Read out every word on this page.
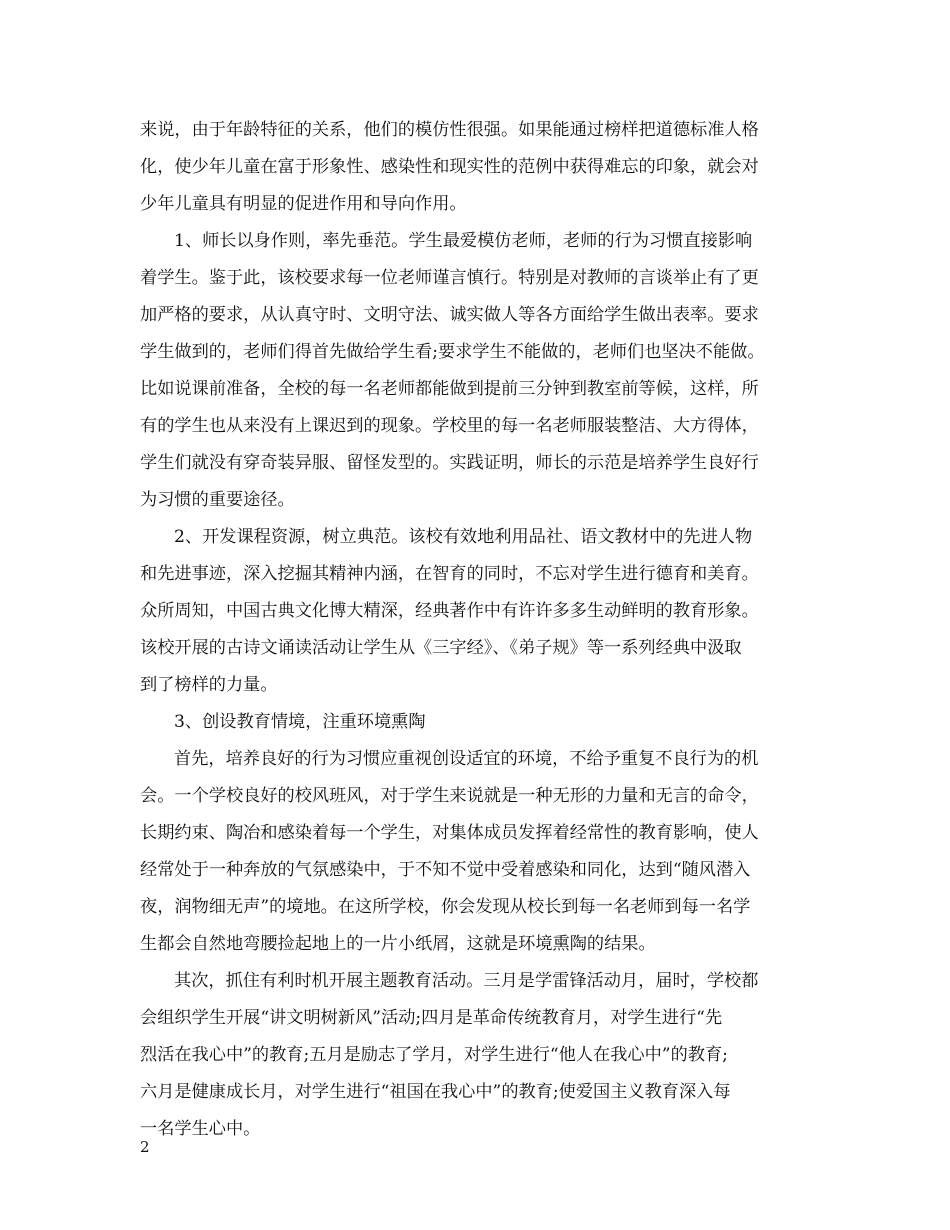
来说，由于年龄特征的关系，他们的模仿性很强。如果能通过榜样把道德标准人格
化，使少年儿童在富于形象性、感染性和现实性的范例中获得难忘的印象，就会对
少年儿童具有明显的促进作用和导向作用。
1、师长以身作则，率先垂范。学生最爱模仿老师，老师的行为习惯直接影响
着学生。鉴于此，该校要求每一位老师谨言慎行。特别是对教师的言谈举止有了更
加严格的要求，从认真守时、文明守法、诚实做人等各方面给学生做出表率。要求
学生做到的，老师们得首先做给学生看;要求学生不能做的，老师们也坚决不能做。
比如说课前准备，全校的每一名老师都能做到提前三分钟到教室前等候，这样，所
有的学生也从来没有上课迟到的现象。学校里的每一名老师服装整洁、大方得体，
学生们就没有穿奇装异服、留怪发型的。实践证明，师长的示范是培养学生良好行
为习惯的重要途径。
2、开发课程资源，树立典范。该校有效地利用品社、语文教材中的先进人物
和先进事迹，深入挖掘其精神内涵，在智育的同时，不忘对学生进行德育和美育。
众所周知，中国古典文化博大精深，经典著作中有许许多多生动鲜明的教育形象。
该校开展的古诗文诵读活动让学生从《三字经》、《弟子规》等一系列经典中汲取
到了榜样的力量。
3、创设教育情境，注重环境熏陶
首先，培养良好的行为习惯应重视创设适宜的环境，不给予重复不良行为的机
会。一个学校良好的校风班风，对于学生来说就是一种无形的力量和无言的命令，
长期约束、陶冶和感染着每一个学生，对集体成员发挥着经常性的教育影响，使人
经常处于一种奔放的气氛感染中，于不知不觉中受着感染和同化，达到“随风潜入
夜，润物细无声”的境地。在这所学校，你会发现从校长到每一名老师到每一名学
生都会自然地弯腰捡起地上的一片小纸屑，这就是环境熏陶的结果。
其次，抓住有利时机开展主题教育活动。三月是学雷锋活动月，届时，学校都
会组织学生开展“讲文明树新风”活动;四月是革命传统教育月，对学生进行“先
烈活在我心中”的教育;五月是励志了学月，对学生进行“他人在我心中”的教育;
六月是健康成长月，对学生进行“祖国在我心中”的教育;使爱国主义教育深入每
一名学生心中。
2
